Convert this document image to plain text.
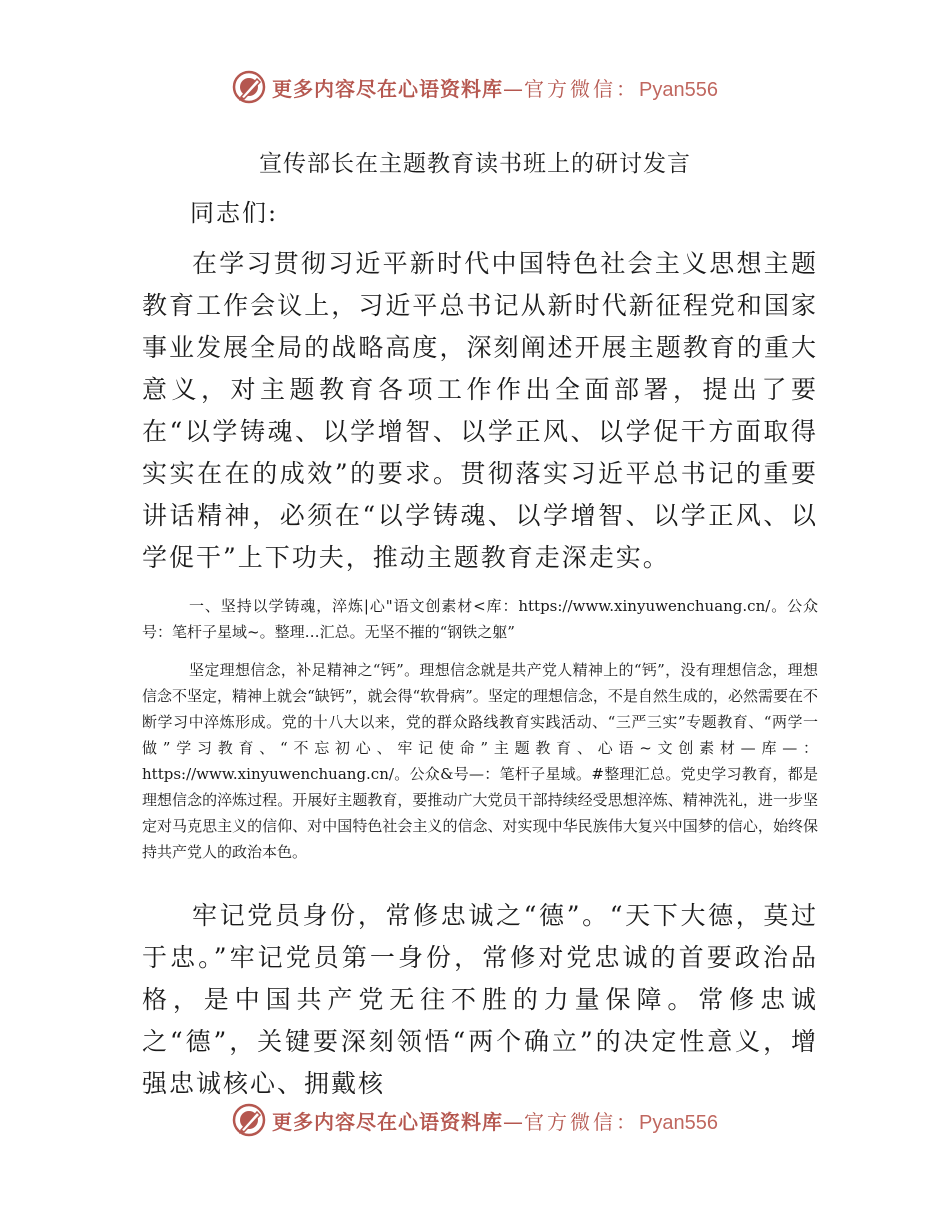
更多内容尽在心语资料库—官方微信：Pyan556
宣传部长在主题教育读书班上的研讨发言
同志们:

在学习贯彻习近平新时代中国特色社会主义思想主题教育工作会议上，习近平总书记从新时代新征程党和国家事业发展全局的战略高度，深刻阐述开展主题教育的重大意义，对主题教育各项工作作出全面部署，提出了要在“以学铸魂、以学增智、以学正风、以学促干方面取得实实在在的成效”的要求。贯彻落实习近平总书记的重要讲话精神，必须在“以学铸魂、以学增智、以学正风、以学促干”上下功夫，推动主题教育走深走实。

一、坚持以学铸魂，淬炼|心"语文创素材<库：https://www.xinyuwenchuang.cn/。公众号：笔杆子星域~。整理…汇总。无坚不摧的“钢铁之躯”

坚定理想信念，补足精神之“钙”。理想信念就是共产党人精神上的“钙”，没有理想信念，理想信念不坚定，精神上就会“缺钙”，就会得“软骨病”。坚定的理想信念，不是自然生成的，必然需要在不断学习中淬炼形成。党的十八大以来，党的群众路线教育实践活动、“三严三实”专题教育、“两学一做”学习教育、“不忘初心、牢记使命”主题教育、心语~文创素材—库—：https://www.xinyuwenchuang.cn/。公众&号—：笔杆子星域。#整理汇总。党史学习教育，都是理想信念的淬炼过程。开展好主题教育，要推动广大党员干部持续经受思想淬炼、精神洗礼，进一步坚定对马克思主义的信仰、对中国特色社会主义的信念、对实现中华民族伟大复兴中国梦的信心，始终保持共产党人的政治本色。

牢记党员身份，常修忠诚之“德”。“天下大德，莫过于忠。”牢记党员第一身份，常修对党忠诚的首要政治品格，是中国共产党无往不胜的力量保障。常修忠诚之“德”，关键要深刻领悟“两个确立”的决定性意义，增强忠诚核心、拥戴核

更多内容尽在心语资料库—官方微信：Pyan556
